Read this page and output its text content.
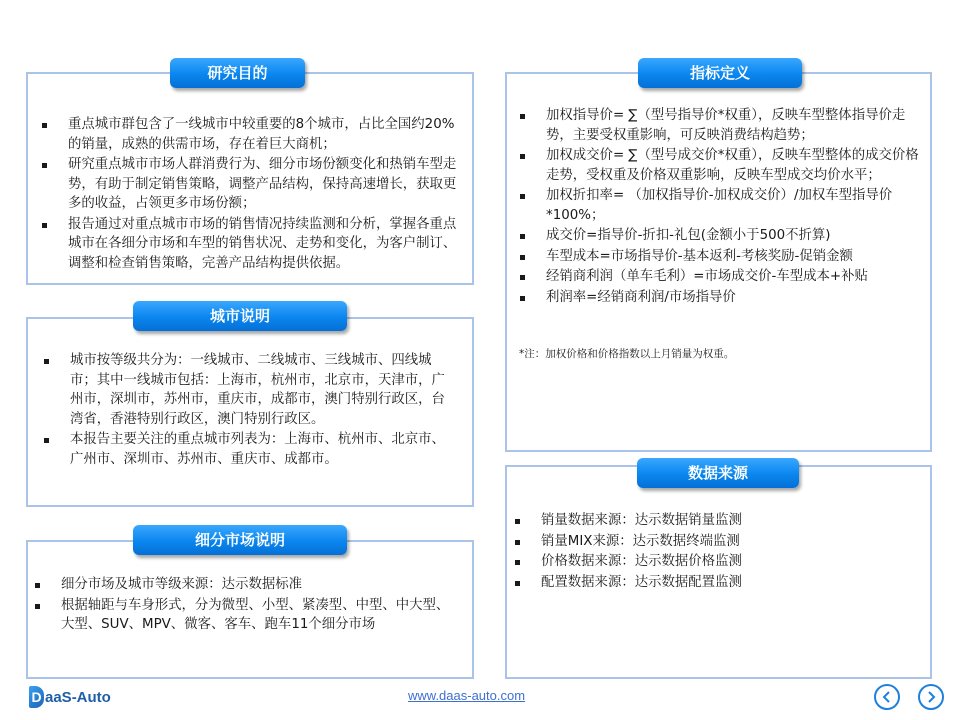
重点城市群包含了一线城市中较重要的8个城市，占比全国约20%的销量，成熟的供需市场，存在着巨大商机；
研究重点城市市场人群消费行为、细分市场份额变化和热销车型走势，有助于制定销售策略，调整产品结构，保持高速增长，获取更多的收益，占领更多市场份额；
报告通过对重点城市市场的销售情况持续监测和分析，掌握各重点城市在各细分市场和车型的销售状况、走势和变化，为客户制订、调整和检查销售策略，完善产品结构提供依据。
研究目的
城市按等级共分为：一线城市、二线城市、三线城市、四线城市；其中一线城市包括：上海市，杭州市，北京市，天津市，广州市，深圳市，苏州市，重庆市，成都市，澳门特别行政区，台湾省，香港特别行政区，澳门特别行政区。
本报告主要关注的重点城市列表为：上海市、杭州市、北京市、广州市、深圳市、苏州市、重庆市、成都市。
城市说明
细分市场及城市等级来源：达示数据标准
根据轴距与车身形式，分为微型、小型、紧凑型、中型、中大型、大型、SUV、MPV、微客、客车、跑车11个细分市场
细分市场说明
加权指导价= ∑（型号指导价*权重），反映车型整体指导价走势，主要受权重影响，可反映消费结构趋势；
加权成交价= ∑（型号成交价*权重），反映车型整体的成交价格走势，受权重及价格双重影响，反映车型成交均价水平；
加权折扣率= （加权指导价-加权成交价）/加权车型指导价*100%；
成交价=指导价-折扣-礼包(金额小于500不折算)
车型成本=市场指导价-基本返利-考核奖励-促销金额
经销商利润（单车毛利）=市场成交价-车型成本+补贴
利润率=经销商利润/市场指导价
*注：加权价格和价格指数以上月销量为权重。
指标定义
销量数据来源：达示数据销量监测
销量MIX来源：达示数据终端监测
价格数据来源：达示数据价格监测
配置数据来源：达示数据配置监测
数据来源
D aaS-Auto	www.daas-auto.com
